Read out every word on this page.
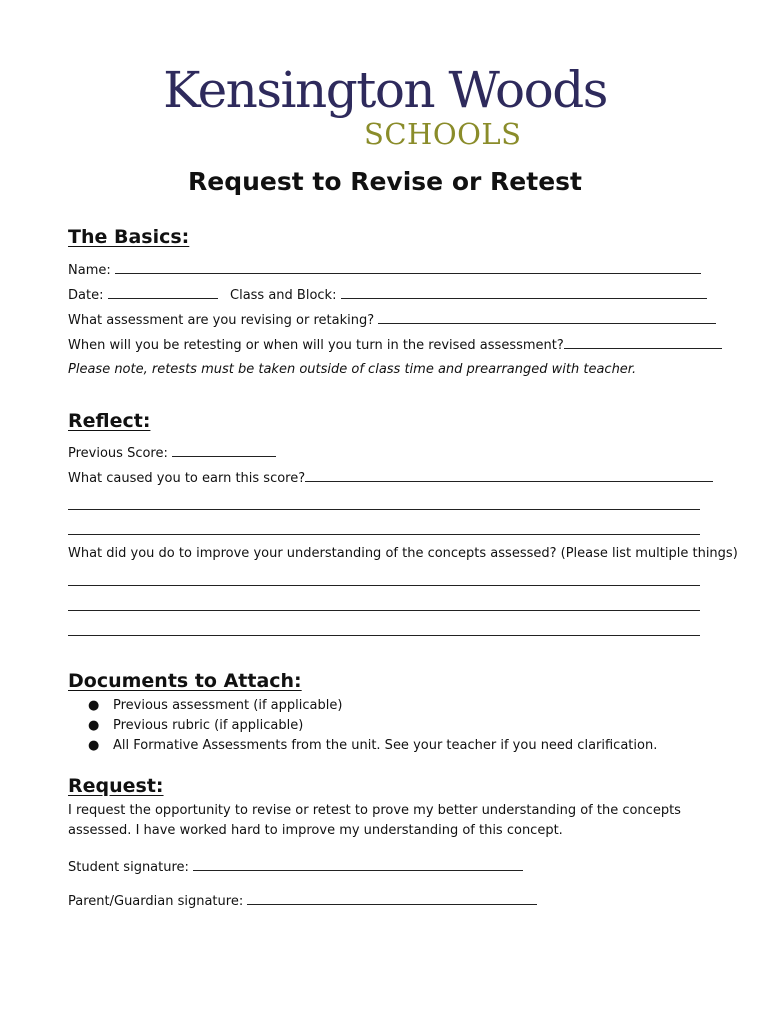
Kensington Woods
SCHOOLS
Request to Revise or Retest
The Basics:
Name:
Date:	Class and Block:
What assessment are you revising or retaking?
When will you be retesting or when will you turn in the revised assessment?
Please note, retests must be taken outside of class time and prearranged with teacher.
Reflect:
Previous Score:
What caused you to earn this score?
What did you do to improve your understanding of the concepts assessed? (Please list multiple things)
Documents to Attach:
● Previous assessment (if applicable)
● Previous rubric (if applicable)
● All Formative Assessments from the unit. See your teacher if you need clarification.
Request:
I request the opportunity to revise or retest to prove my better understanding of the concepts assessed. I have worked hard to improve my understanding of this concept.
Student signature:
Parent/Guardian signature:
